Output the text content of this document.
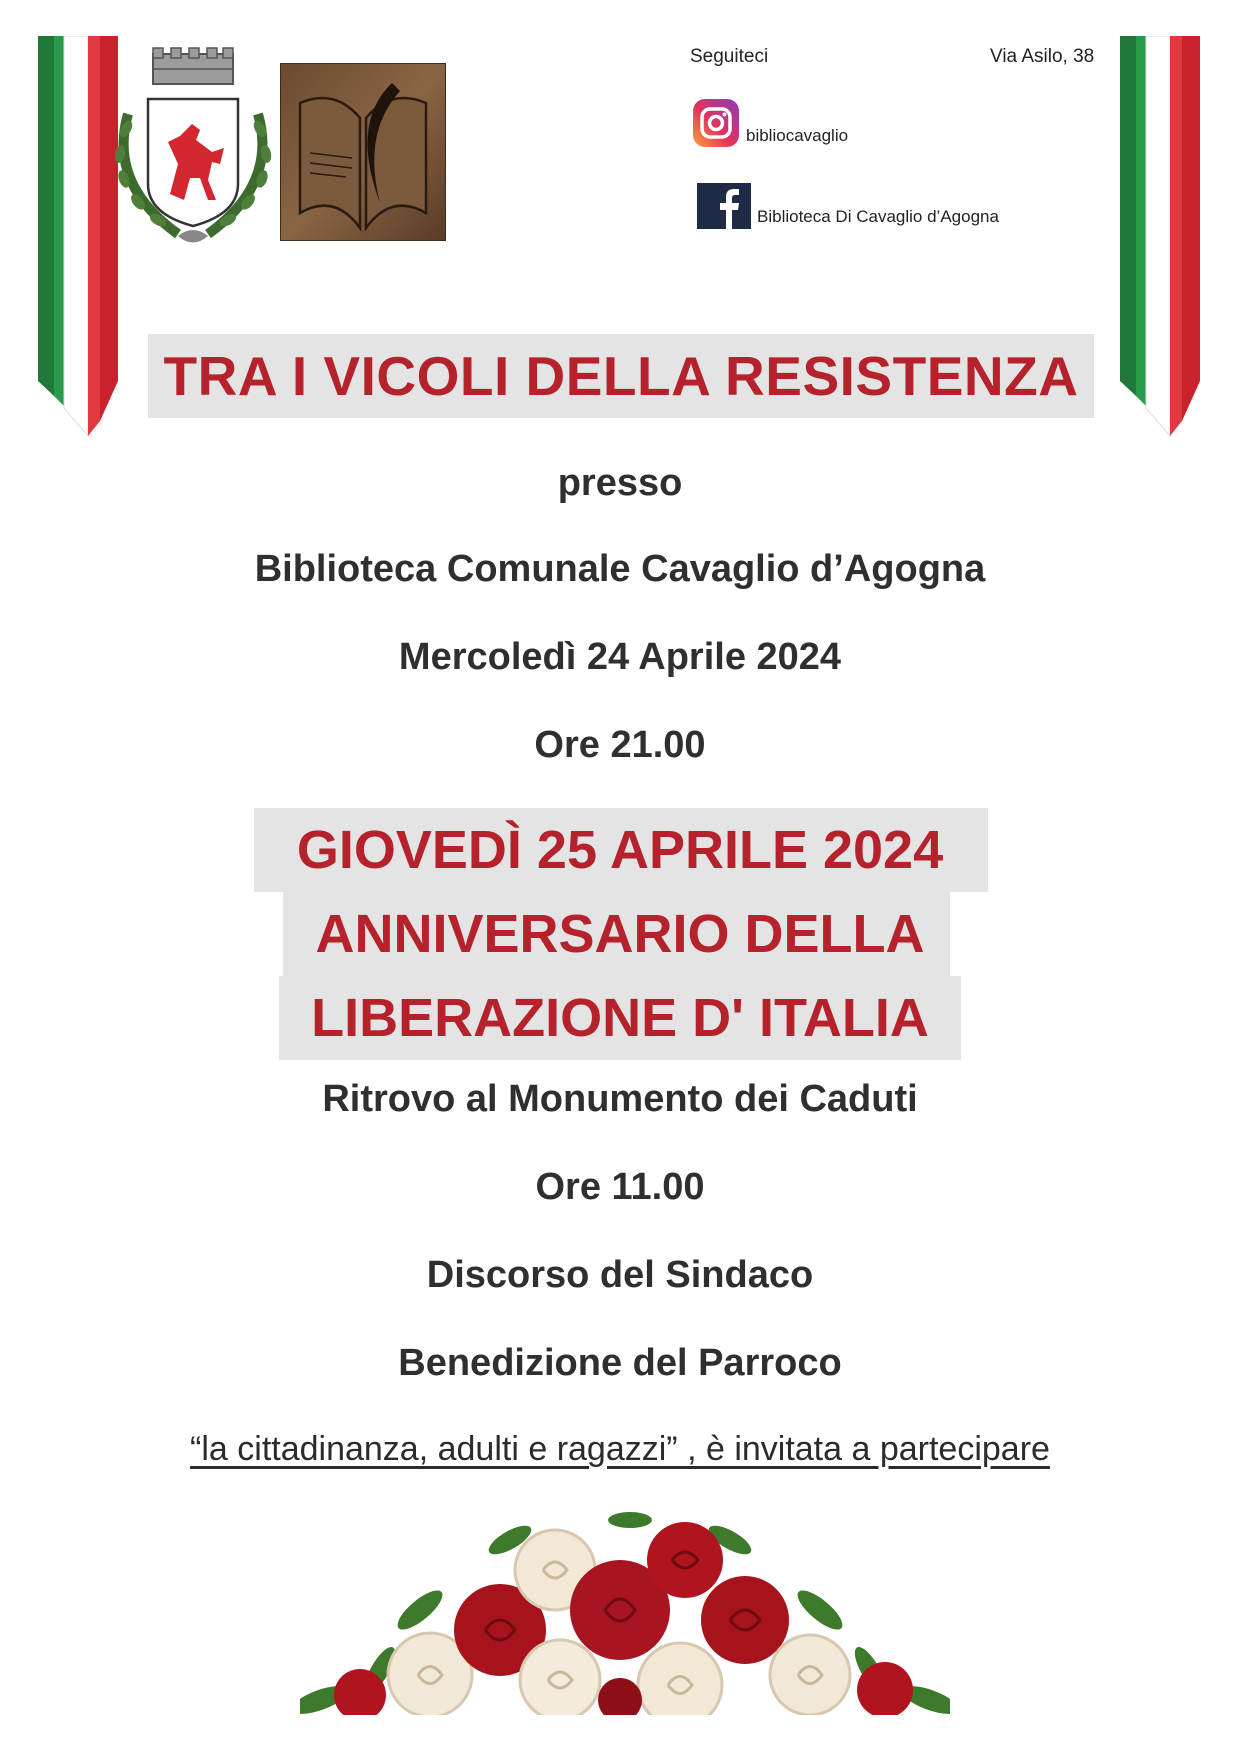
Seguiteci	Via Asilo, 38
bibliocavaglio
Biblioteca Di Cavaglio d’Agogna
TRA I VICOLI DELLA RESISTENZA
presso
Biblioteca Comunale Cavaglio d’Agogna
Mercoledì 24 Aprile 2024
Ore 21.00
GIOVEDÌ 25 APRILE 2024
ANNIVERSARIO DELLA
LIBERAZIONE D' ITALIA
Ritrovo al Monumento dei Caduti
Ore 11.00
Discorso del Sindaco
Benedizione del Parroco
“la cittadinanza, adulti e ragazzi” , è invitata a partecipare
